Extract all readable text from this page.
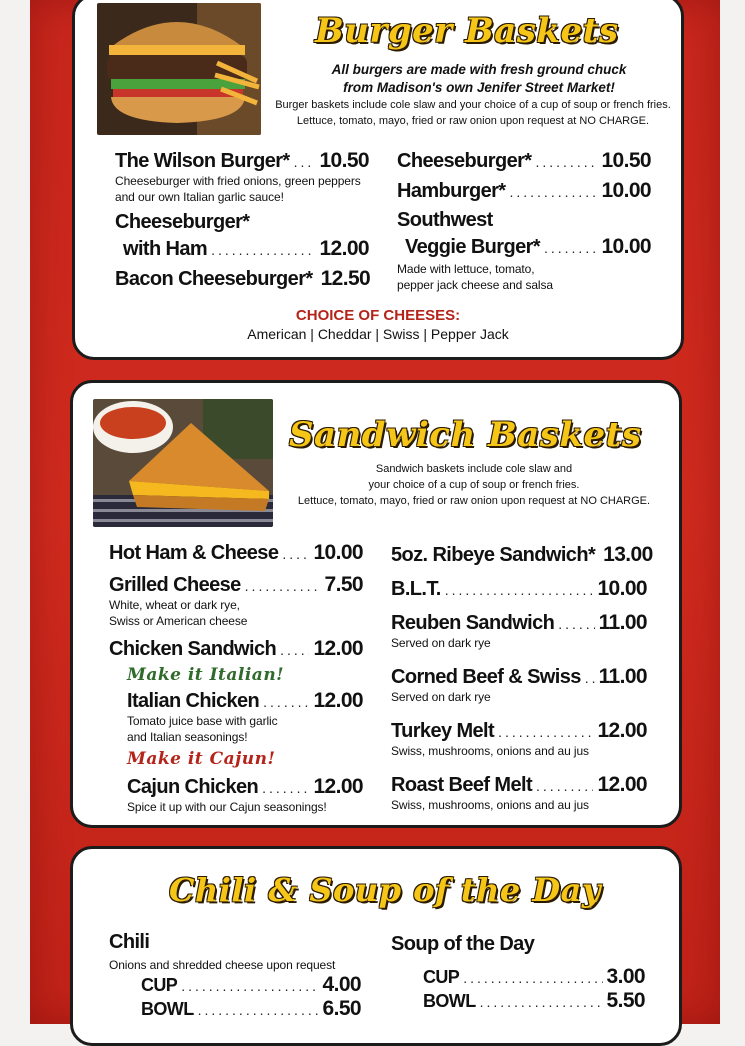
Burger Baskets
All burgers are made with fresh ground chuck
from Madison's own Jenifer Street Market!
Burger baskets include cole slaw and your choice of a cup of soup or french fries.
Lettuce, tomato, mayo, fried or raw onion upon request at NO CHARGE.
The Wilson Burger* ..... 10.50
Cheeseburger with fried onions, green peppers
and our own Italian garlic sauce!
Cheeseburger*
with Ham .....	12.00
Bacon Cheeseburger* 12.50
Cheeseburger* .....	10.50
Hamburger* .....	10.00
Southwest
Veggie Burger* .....	10.00
Made with lettuce, tomato,
pepper jack cheese and salsa
CHOICE OF CHEESES:
American | Cheddar | Swiss | Pepper Jack
Sandwich Baskets
Sandwich baskets include cole slaw and
your choice of a cup of soup or french fries.
Lettuce, tomato, mayo, fried or raw onion upon request at NO CHARGE.
Hot Ham & Cheese ..... 10.00
Grilled Cheese .....	7.50
White, wheat or dark rye,
Swiss or American cheese
Chicken Sandwich ..... 12.00
Make it Italian!
Italian Chicken .....	12.00
Tomato juice base with garlic
and Italian seasonings!
Make it Cajun!
Cajun Chicken .....	12.00
Spice it up with our Cajun seasonings!
5oz. Ribeye Sandwich* 13.00
B.L.T. .....	10.00
Reuben Sandwich ..... 11.00
Served on dark rye
Corned Beef & Swiss ..... 11.00
Served on dark rye
Turkey Melt .....	12.00
Swiss, mushrooms, onions and au jus
Roast Beef Melt .....	12.00
Swiss, mushrooms, onions and au jus
Chili & Soup of the Day
Chili
Onions and shredded cheese upon request
CUP .....	4.00
BOWL .....	6.50
Soup of the Day
CUP .....	3.00
BOWL .....	5.50
